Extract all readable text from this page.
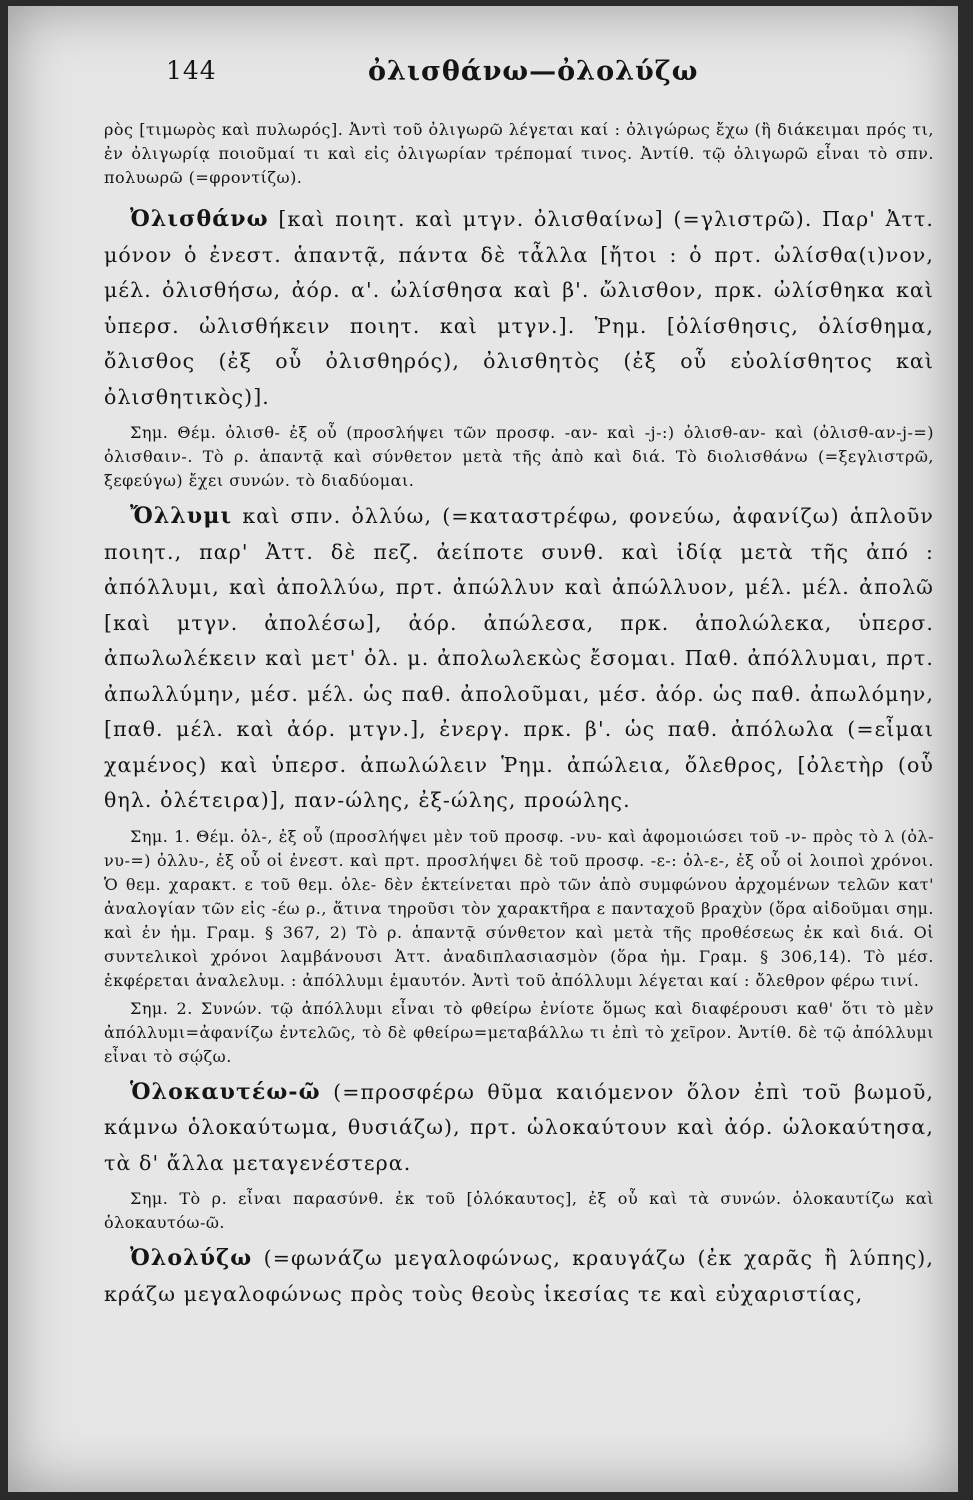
144	ὀλισθάνω—ὀλολύζω

ρὸς [τιμωρὸς καὶ πυλωρός]. Ἀντὶ τοῦ ὀλιγωρῶ λέγεται καί : ὀλιγώρως ἔχω (ἢ διάκειμαι πρός τι, ἐν ὀλιγωρίᾳ ποιοῦμαί τι καὶ εἰς ὀλιγωρίαν τρέπομαί τινος. Ἀντίθ. τῷ ὀλιγωρῶ εἶναι τὸ σπν. πολυωρῶ (=φροντίζω).

Ὀλισθάνω [καὶ ποιητ. καὶ μτγν. ὀλισθαίνω] (=γλιστρῶ). Παρ' Ἀττ. μόνον ὁ ἐνεστ. ἁπαντᾷ, πάντα δὲ τἆλλα [ἤτοι : ὁ πρτ. ὠλίσθα(ι)νον, μέλ. ὀλισθήσω, ἀόρ. α'. ὠλίσθησα καὶ β'. ὤλισθον, πρκ. ὠλίσθηκα καὶ ὑπερσ. ὠλισθήκειν ποιητ. καὶ μτγν.]. Ῥημ. [ὀλίσθησις, ὀλίσθημα, ὄλισθος (ἐξ οὗ ὀλισθηρός), ὀλισθητὸς (ἐξ οὗ εὐολίσθητος καὶ ὀλισθητικὸς)].

Σημ. Θέμ. ὀλισθ- ἐξ οὗ (προσλήψει τῶν προσφ. -αν- καὶ -j-:) ὀλισθ-αν- καὶ (ὀλισθ-αν-j-=) ὀλισθαιν-. Τὸ ρ. ἁπαντᾷ καὶ σύνθετον μετὰ τῆς ἀπὸ καὶ διά. Τὸ διολισθάνω (=ξεγλιστρῶ, ξεφεύγω) ἔχει συνών. τὸ διαδύομαι.

Ὄλλυμι καὶ σπν. ὀλλύω, (=καταστρέφω, φονεύω, ἀφανίζω) ἁπλοῦν ποιητ., παρ' Ἀττ. δὲ πεζ. ἀείποτε συνθ. καὶ ἰδίᾳ μετὰ τῆς ἀπό : ἀπόλλυμι, καὶ ἀπολλύω, πρτ. ἀπώλλυν καὶ ἀπώλλυον, μέλ. μέλ. ἀπολῶ [καὶ μτγν. ἀπολέσω], ἀόρ. ἀπώλεσα, πρκ. ἀπολώλεκα, ὑπερσ. ἀπωλωλέκειν καὶ μετ' ὀλ. μ. ἀπολωλεκὼς ἔσομαι. Παθ. ἀπόλλυμαι, πρτ. ἀπωλλύμην, μέσ. μέλ. ὡς παθ. ἀπολοῦμαι, μέσ. ἀόρ. ὡς παθ. ἀπωλόμην, [παθ. μέλ. καὶ ἀόρ. μτγν.], ἐνεργ. πρκ. β'. ὡς παθ. ἀπόλωλα (=εἶμαι χαμένος) καὶ ὑπερσ. ἀπωλώλειν Ῥημ. ἀπώλεια, ὄλεθρος, [ὀλετὴρ (οὗ θηλ. ὀλέτειρα)], παν-ώλης, ἐξ-ώλης, προώλης.

Σημ. 1. Θέμ. ὀλ-, ἐξ οὗ (προσλήψει μὲν τοῦ προσφ. -νυ- καὶ ἀφομοιώσει τοῦ -ν- πρὸς τὸ λ (ὀλ-νυ-=) ὀλλυ-, ἐξ οὗ οἱ ἐνεστ. καὶ πρτ. προσλήψει δὲ τοῦ προσφ. -ε-: ὀλ-ε-, ἐξ οὗ οἱ λοιποὶ χρόνοι. Ὁ θεμ. χαρακτ. ε τοῦ θεμ. ὀλε- δὲν ἐκτείνεται πρὸ τῶν ἀπὸ συμφώνου ἀρχομένων τελῶν κατ' ἀναλογίαν τῶν εἰς -έω ρ., ἅτινα τηροῦσι τὸν χαρακτῆρα ε πανταχοῦ βραχὺν (ὅρα αἰδοῦμαι σημ. καὶ ἐν ἡμ. Γραμ. § 367, 2) Τὸ ρ. ἁπαντᾷ σύνθετον καὶ μετὰ τῆς προθέσεως ἐκ καὶ διά. Οἱ συντελικοὶ χρόνοι λαμβάνουσι Ἀττ. ἀναδιπλασιασμὸν (ὅρα ἡμ. Γραμ. § 306,14). Τὸ μέσ. ἐκφέρεται ἀναλελυμ. : ἀπόλλυμι ἐμαυτόν. Ἀντὶ τοῦ ἀπόλλυμι λέγεται καί : ὄλεθρον φέρω τινί.

Σημ. 2. Συνών. τῷ ἀπόλλυμι εἶναι τὸ φθείρω ἐνίοτε ὅμως καὶ διαφέρουσι καθ' ὅτι τὸ μὲν ἀπόλλυμι=ἀφανίζω ἐντελῶς, τὸ δὲ φθείρω=μεταβάλλω τι ἐπὶ τὸ χεῖρον. Ἀντίθ. δὲ τῷ ἀπόλλυμι εἶναι τὸ σῴζω.

Ὁλοκαυτέω-ῶ (=προσφέρω θῦμα καιόμενον ὅλον ἐπὶ τοῦ βωμοῦ, κάμνω ὁλοκαύτωμα, θυσιάζω), πρτ. ὡλοκαύτουν καὶ ἀόρ. ὡλοκαύτησα, τὰ δ' ἄλλα μεταγενέστερα.

Σημ. Τὸ ρ. εἶναι παρασύνθ. ἐκ τοῦ [ὁλόκαυτος], ἐξ οὗ καὶ τὰ συνών. ὁλοκαυτίζω καὶ ὁλοκαυτόω-ῶ.

Ὀλολύζω (=φωνάζω μεγαλοφώνως, κραυγάζω (ἐκ χαρᾶς ἢ λύπης), κράζω μεγαλοφώνως πρὸς τοὺς θεοὺς ἱκεσίας τε καὶ εὐχαριστίας,
